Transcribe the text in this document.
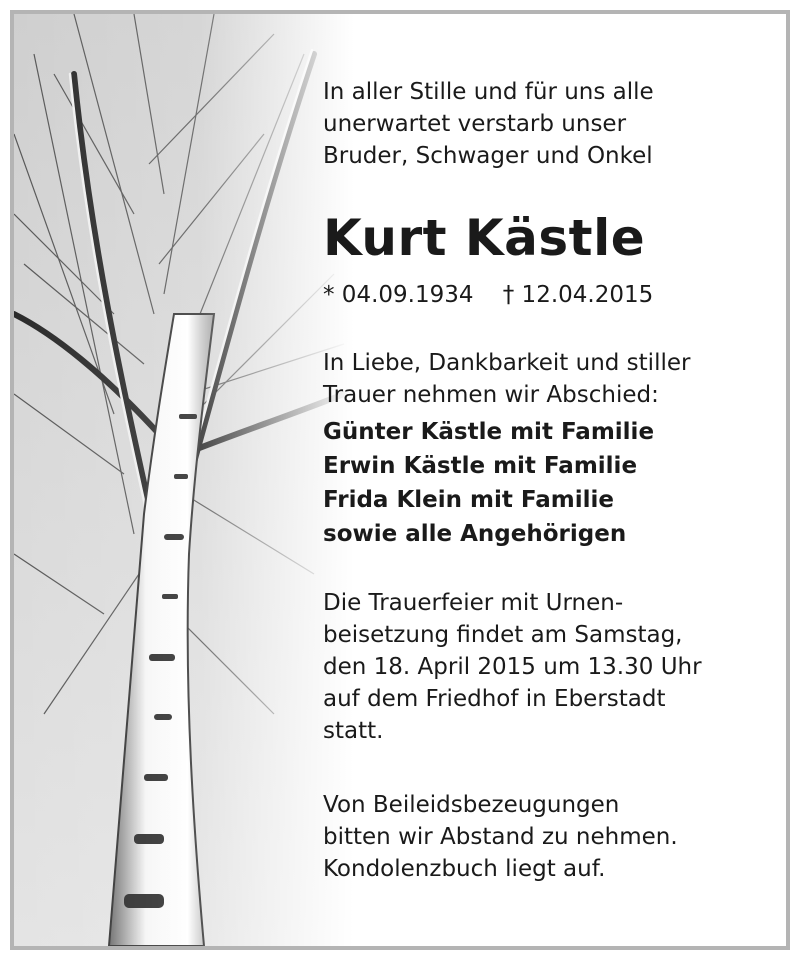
In aller Stille und für uns alle
unerwartet verstarb unser
Bruder, Schwager und Onkel
Kurt Kästle
* 04.09.1934    † 12.04.2015
In Liebe, Dankbarkeit und stiller
Trauer nehmen wir Abschied:
Günter Kästle mit Familie
Erwin Kästle mit Familie
Frida Klein mit Familie
sowie alle Angehörigen
Die Trauerfeier mit Urnen-
beisetzung findet am Samstag,
den 18. April 2015 um 13.30 Uhr
auf dem Friedhof in Eberstadt
statt.
Von Beileidsbezeugungen
bitten wir Abstand zu nehmen.
Kondolenzbuch liegt auf.
